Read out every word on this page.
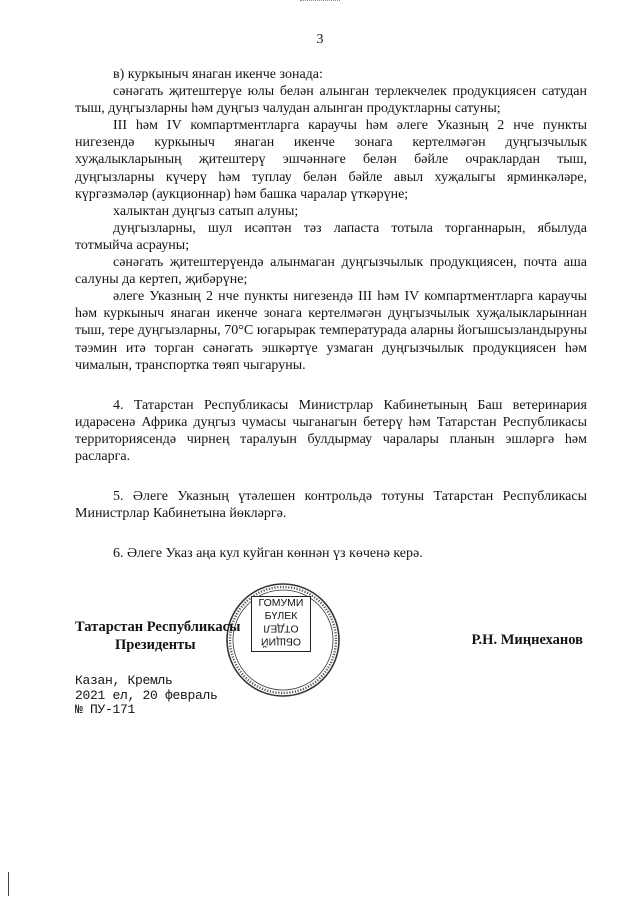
3

в) куркыныч янаган икенче зонада:

сәнәгать җитештерүе юлы белән алынган терлекчелек продукциясен сатудан тыш, дуңгызларны һәм дуңгыз чалудан алынган продуктларны сатуны;

III һәм IV компартментларга караучы һәм әлеге Указның 2 нче пункты нигезендә куркыныч янаган икенче зонага кертелмәгән дуңгызчылык хуҗалыкларының җитештерү эшчәннәге белән бәйле очраклардан тыш, дуңгызларны күчерү һәм туплау белән бәйле авыл хуҗалыгы ярминкәләре, күргәзмәләр (аукционнар) һәм башка чаралар үткәрүне;

халыктан дуңгыз сатып алуны;

дуңгызларны, шул исәптән тәз лапаста тотыла торганнарын, ябылуда тотмыйча асрауны;

сәнәгать җитештерүендә алынмаган дуңгызчылык продукциясен, почта аша салуны да кертеп, җибәрүне;

әлеге Указның 2 нче пункты нигезендә III һәм IV компартментларга караучы һәм куркыныч янаган икенче зонага кертелмәгән дуңгызчылык хуҗалыкларыннан тыш, тере дуңгызларны, 70°С югарырак температурада аларны йогышсызландыруны тәэмин итә торган сәнәгать эшкәртүе узмаган дуңгызчылык продукциясен һәм чималын, транспортка төяп чыгаруны.

4. Татарстан Республикасы Министрлар Кабинетының Баш ветеринария идарәсенә Африка дуңгыз чумасы чыганагын бетерү һәм Татарстан Республикасы территориясендә чирнең таралуын булдырмау чаралары планын эшләргә һәм расларга.

5. Әлеге Указның үтәлешен контрольдә тотуны Татарстан Республикасы Министрлар Кабинетына йөкләргә.

6. Әлеге Указ аңа кул куйган көннән үз көченә керә.

ГОМУМИ
БҮЛЕК
ОТДЕЛ
ОБЩИЙ
Татарстан Республикасы
Президенты	Р.Н. Миңнеханов
Казан, Кремль
2021 ел, 20 февраль
№ ПУ-171
